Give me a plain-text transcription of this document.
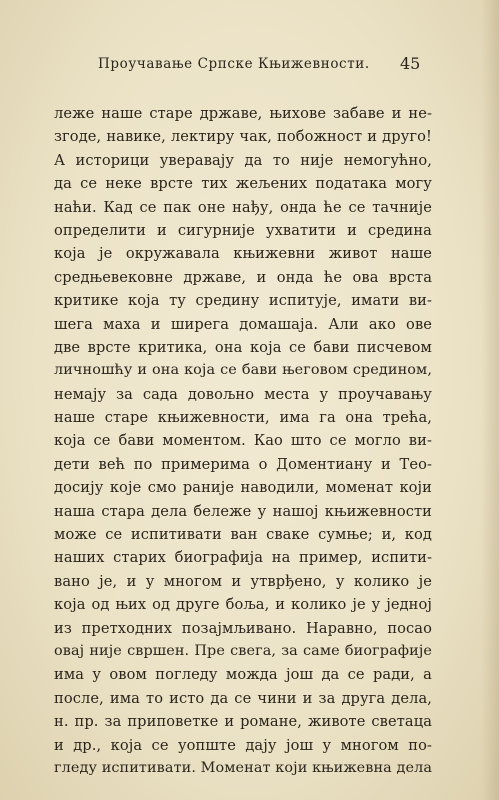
Проучавање Српске Књижевности. 45
леже наше старе државе, њихове забаве и не-
згоде, навике, лектиру чак, побожност и друго!
А историци уверавају да то није немогућно,
да се неке врсте тих жељених података могу
наћи. Кад се пак оне нађу, онда ће се тачније
определити и сигурније ухватити и средина
која је окружавала књижевни живот наше
средњевековне државе, и онда ће ова врста
критике која ту средину испитује, имати ви-
шега маха и ширега домашаја. Али ако ове
две врсте критика, она која се бави писчевом
личношћу и она која се бави његовом средином,
немају за сада довољно места у проучавању
наше старе књижевности, има га она трећа,
која се бави моментом. Као што се могло ви-
дети већ по примерима о Доментиану и Тео-
досију које смо раније наводили, моменат који
наша стара дела бележе у нашој књижевности
може се испитивати ван сваке сумње; и, код
наших старих биографија на пример, испити-
вано је, и у многом и утврђено, у колико је
која од њих од друге боља, и колико је у једној
из претходних позајмљивано. Наравно, посао
овај није свршен. Пре свега, за саме биографије
има у овом погледу можда још да се ради, а
после, има то исто да се чини и за друга дела,
н. пр. за приповетке и романе, животе светаца
и др., која се уопште дају још у многом по-
гледу испитивати. Моменат који књижевна дела
